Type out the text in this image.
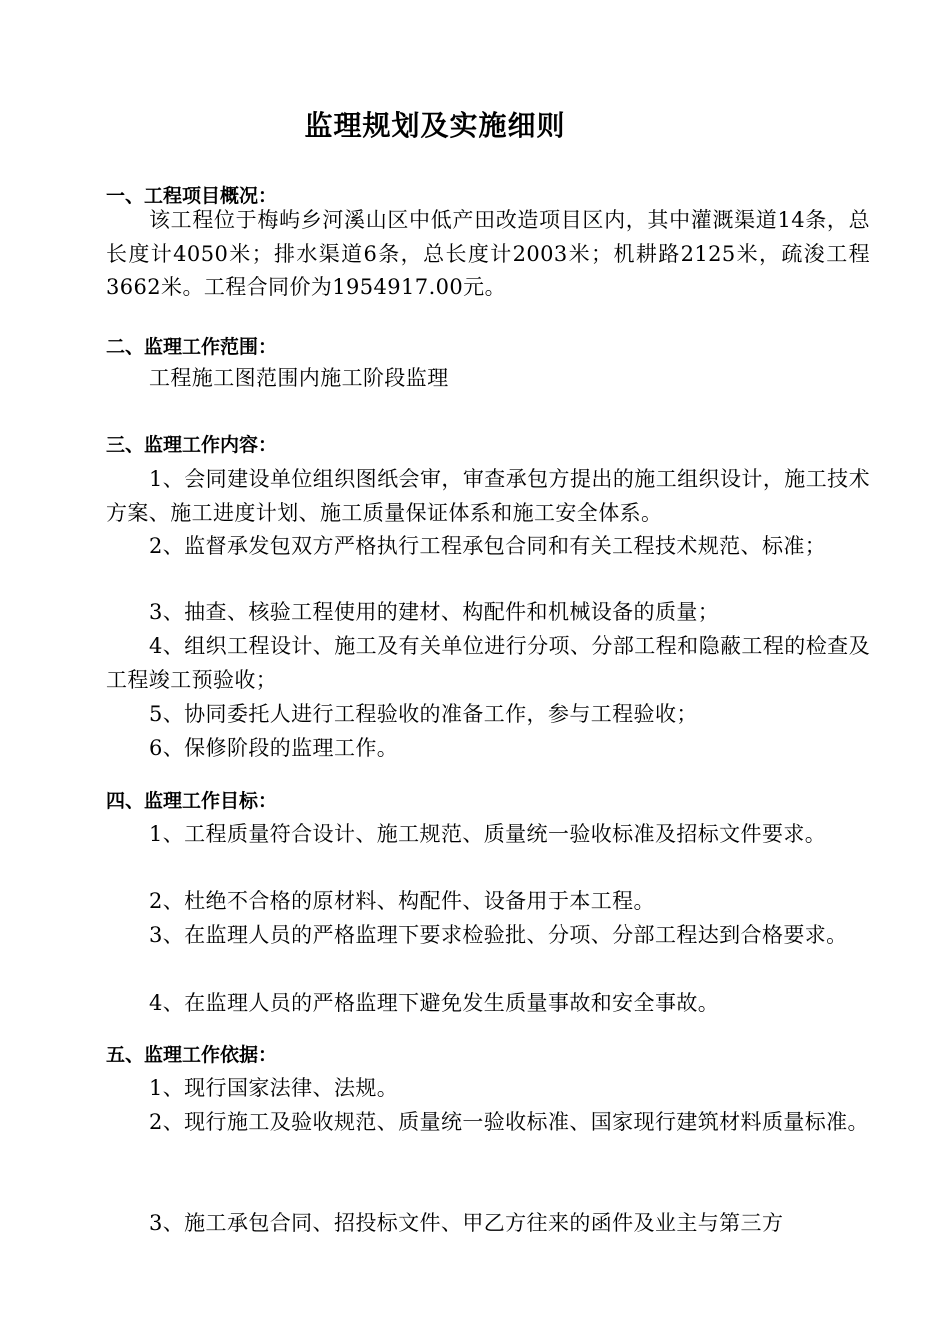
监理规划及实施细则
一、工程项目概况：

该工程位于梅屿乡河溪山区中低产田改造项目区内，其中灌溉渠道14条，总长度计4050米；排水渠道6条，总长度计2003米；机耕路2125米，疏浚工程3662米。工程合同价为1954917.00元。

二、监理工作范围：

工程施工图范围内施工阶段监理

三、监理工作内容：

1、会同建设单位组织图纸会审，审查承包方提出的施工组织设计，施工技术方案、施工进度计划、施工质量保证体系和施工安全体系。

2、监督承发包双方严格执行工程承包合同和有关工程技术规范、标准；

3、抽查、核验工程使用的建材、构配件和机械设备的质量；

4、组织工程设计、施工及有关单位进行分项、分部工程和隐蔽工程的检查及工程竣工预验收；

5、协同委托人进行工程验收的准备工作，参与工程验收；

6、保修阶段的监理工作。

四、监理工作目标：

1、工程质量符合设计、施工规范、质量统一验收标准及招标文件要求。

2、杜绝不合格的原材料、构配件、设备用于本工程。

3、在监理人员的严格监理下要求检验批、分项、分部工程达到合格要求。

4、在监理人员的严格监理下避免发生质量事故和安全事故。

五、监理工作依据：

1、现行国家法律、法规。

2、现行施工及验收规范、质量统一验收标准、国家现行建筑材料质量标准。

3、施工承包合同、招投标文件、甲乙方往来的函件及业主与第三方
